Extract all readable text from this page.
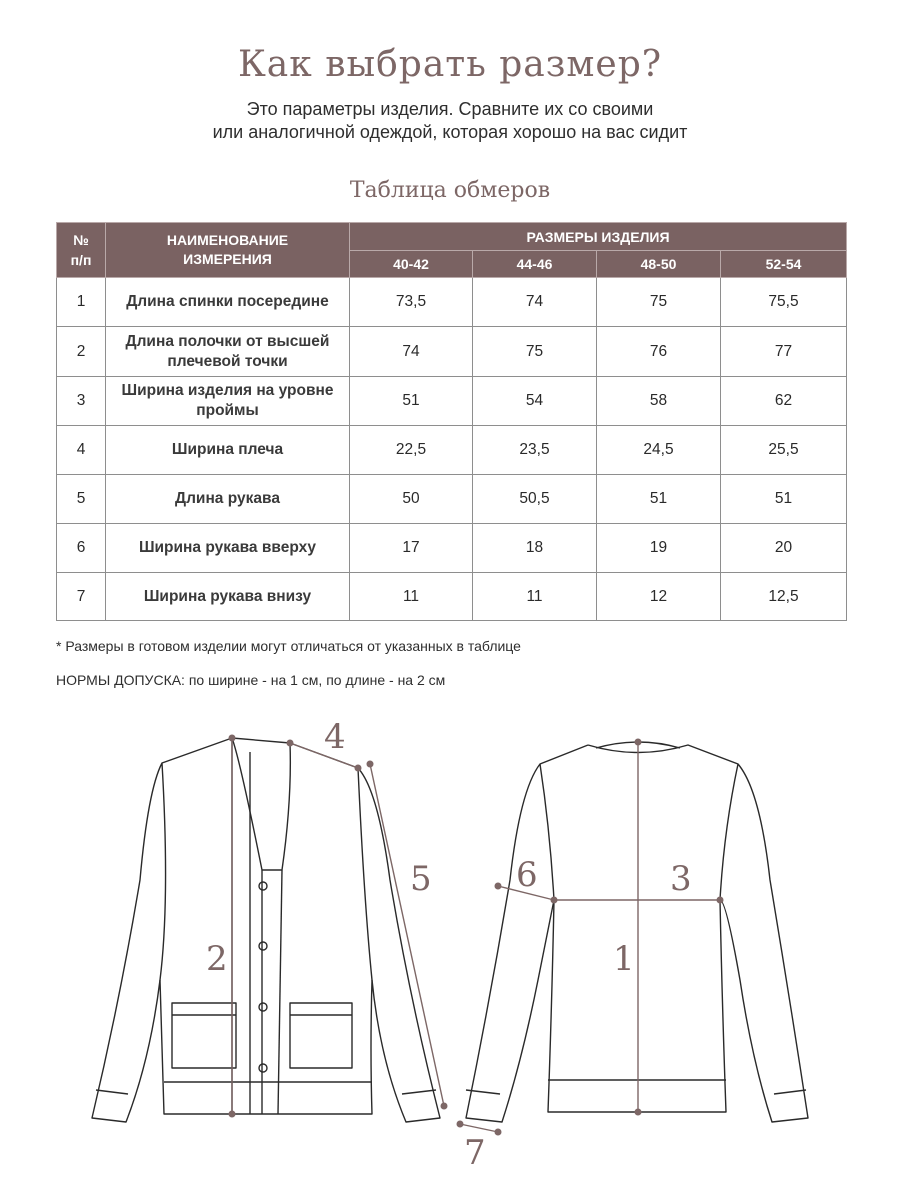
Как выбрать размер?
Это параметры изделия. Сравните их со своими
или аналогичной одеждой, которая хорошо на вас сидит
Таблица обмеров
№
п/п	НАИМЕНОВАНИЕ
ИЗМЕРЕНИЯ	РАЗМЕРЫ ИЗДЕЛИЯ			
		40-42	44-46	48-50	52-54
1	Длина спинки посередине	73,5	74	75	75,5
2	Длина полочки от высшей плечевой точки	74	75	76	77
3	Ширина изделия на уровне проймы	51	54	58	62
4	Ширина плеча	22,5	23,5	24,5	25,5
5	Длина рукава	50	50,5	51	51
6	Ширина рукава вверху	17	18	19	20
7	Ширина рукава внизу	11	11	12	12,5
* Размеры в готовом изделии могут отличаться от указанных в таблице
НОРМЫ ДОПУСКА: по ширине - на 1 см, по длине - на 2 см
1
2
3
4
5 6
7
